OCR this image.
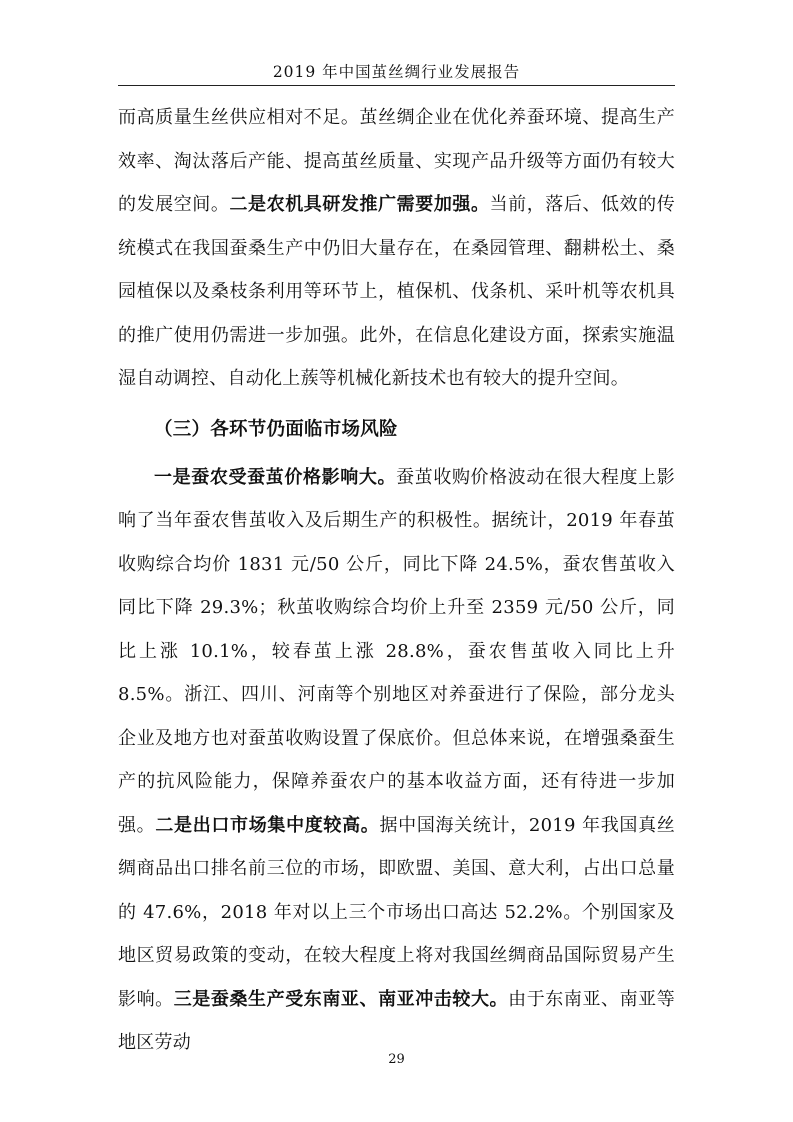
2019 年中国茧丝绸行业发展报告

而高质量生丝供应相对不足。茧丝绸企业在优化养蚕环境、提高生产效率、淘汰落后产能、提高茧丝质量、实现产品升级等方面仍有较大的发展空间。二是农机具研发推广需要加强。当前，落后、低效的传统模式在我国蚕桑生产中仍旧大量存在，在桑园管理、翻耕松土、桑园植保以及桑枝条利用等环节上，植保机、伐条机、采叶机等农机具的推广使用仍需进一步加强。此外，在信息化建设方面，探索实施温湿自动调控、自动化上蔟等机械化新技术也有较大的提升空间。

（三）各环节仍面临市场风险

一是蚕农受蚕茧价格影响大。蚕茧收购价格波动在很大程度上影响了当年蚕农售茧收入及后期生产的积极性。据统计，2019 年春茧收购综合均价 1831 元/50 公斤，同比下降 24.5%，蚕农售茧收入同比下降 29.3%；秋茧收购综合均价上升至 2359 元/50 公斤，同比上涨 10.1%，较春茧上涨 28.8%，蚕农售茧收入同比上升 8.5%。浙江、四川、河南等个别地区对养蚕进行了保险，部分龙头企业及地方也对蚕茧收购设置了保底价。但总体来说，在增强桑蚕生产的抗风险能力，保障养蚕农户的基本收益方面，还有待进一步加强。二是出口市场集中度较高。据中国海关统计，2019 年我国真丝绸商品出口排名前三位的市场，即欧盟、美国、意大利，占出口总量的 47.6%，2018 年对以上三个市场出口高达 52.2%。个别国家及地区贸易政策的变动，在较大程度上将对我国丝绸商品国际贸易产生影响。三是蚕桑生产受东南亚、南亚冲击较大。由于东南亚、南亚等地区劳动

29
